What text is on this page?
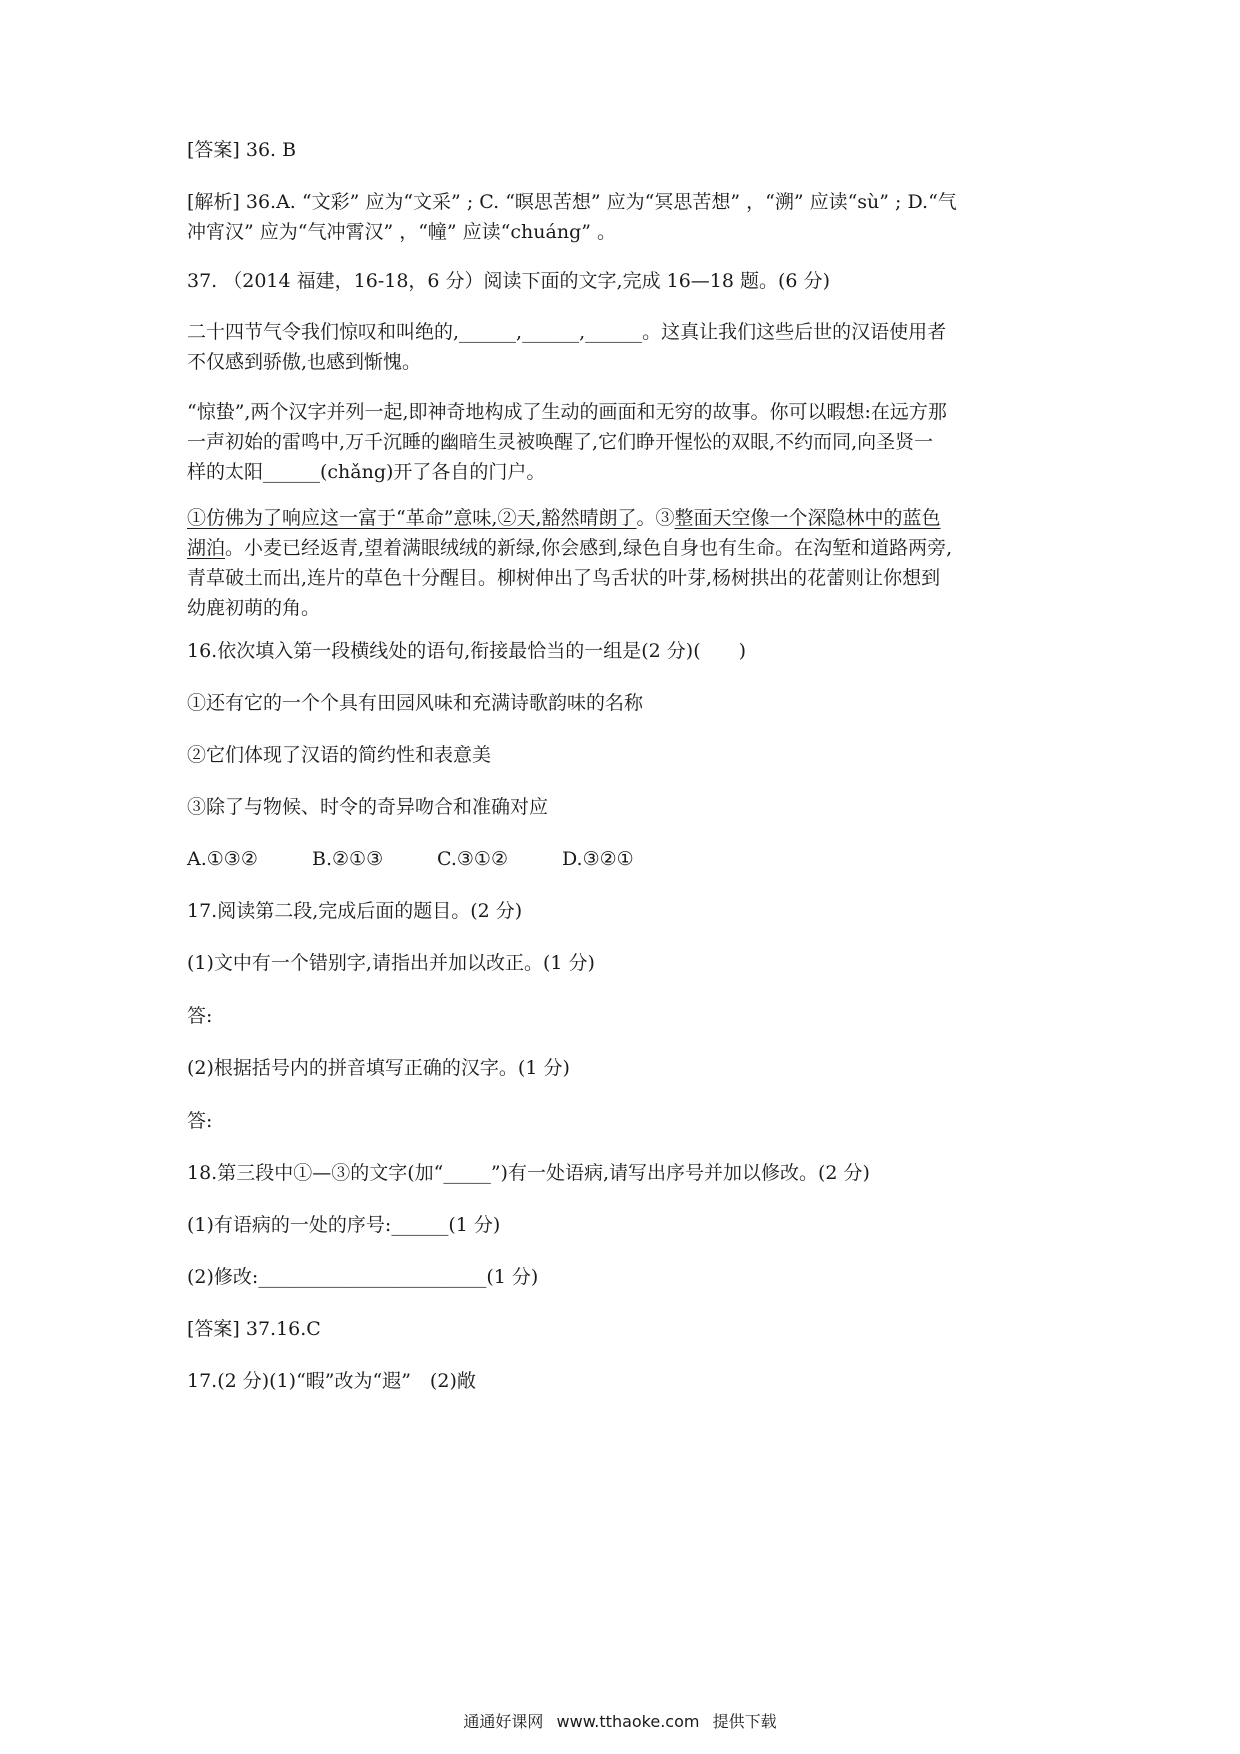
[答案] 36. B
[解析] 36.A. “文彩” 应为“文采” ; C. “暝思苦想” 应为“冥思苦想” ，“溯” 应读“sù” ; D.“气
冲宵汉” 应为“气冲霄汉” ，“幢” 应读“chuáng” 。
37. （2014 福建，16-18，6 分）阅读下面的文字,完成 16—18 题。(6 分)
二十四节气令我们惊叹和叫绝的,______,______,______。这真让我们这些后世的汉语使用者
不仅感到骄傲,也感到惭愧。
“惊蛰”,两个汉字并列一起,即神奇地构成了生动的画面和无穷的故事。你可以暇想:在远方那
一声初始的雷鸣中,万千沉睡的幽暗生灵被唤醒了,它们睁开惺忪的双眼,不约而同,向圣贤一
样的太阳______(chǎng)开了各自的门户。
①仿佛为了响应这一富于“革命”意味,②天,豁然晴朗了。③整面天空像一个深隐林中的蓝色
湖泊。小麦已经返青,望着满眼绒绒的新绿,你会感到,绿色自身也有生命。在沟堑和道路两旁,
青草破土而出,连片的草色十分醒目。柳树伸出了鸟舌状的叶芽,杨树拱出的花蕾则让你想到
幼鹿初萌的角。
16.依次填入第一段横线处的语句,衔接最恰当的一组是(2 分)(　　)
①还有它的一个个具有田园风味和充满诗歌韵味的名称
②它们体现了汉语的简约性和表意美
③除了与物候、时令的奇异吻合和准确对应
A.①③②	B.②①③	C.③①②	D.③②①
17.阅读第二段,完成后面的题目。(2 分)
(1)文中有一个错别字,请指出并加以改正。(1 分)
答:
(2)根据括号内的拼音填写正确的汉字。(1 分)
答:
18.第三段中①—③的文字(加“_____”)有一处语病,请写出序号并加以修改。(2 分)
(1)有语病的一处的序号:______(1 分)
(2)修改:________________________(1 分)
[答案] 37.16.C
17.(2 分)(1)“暇”改为“遐”　(2)敞
通通好课网 www.tthaoke.com 提供下载
